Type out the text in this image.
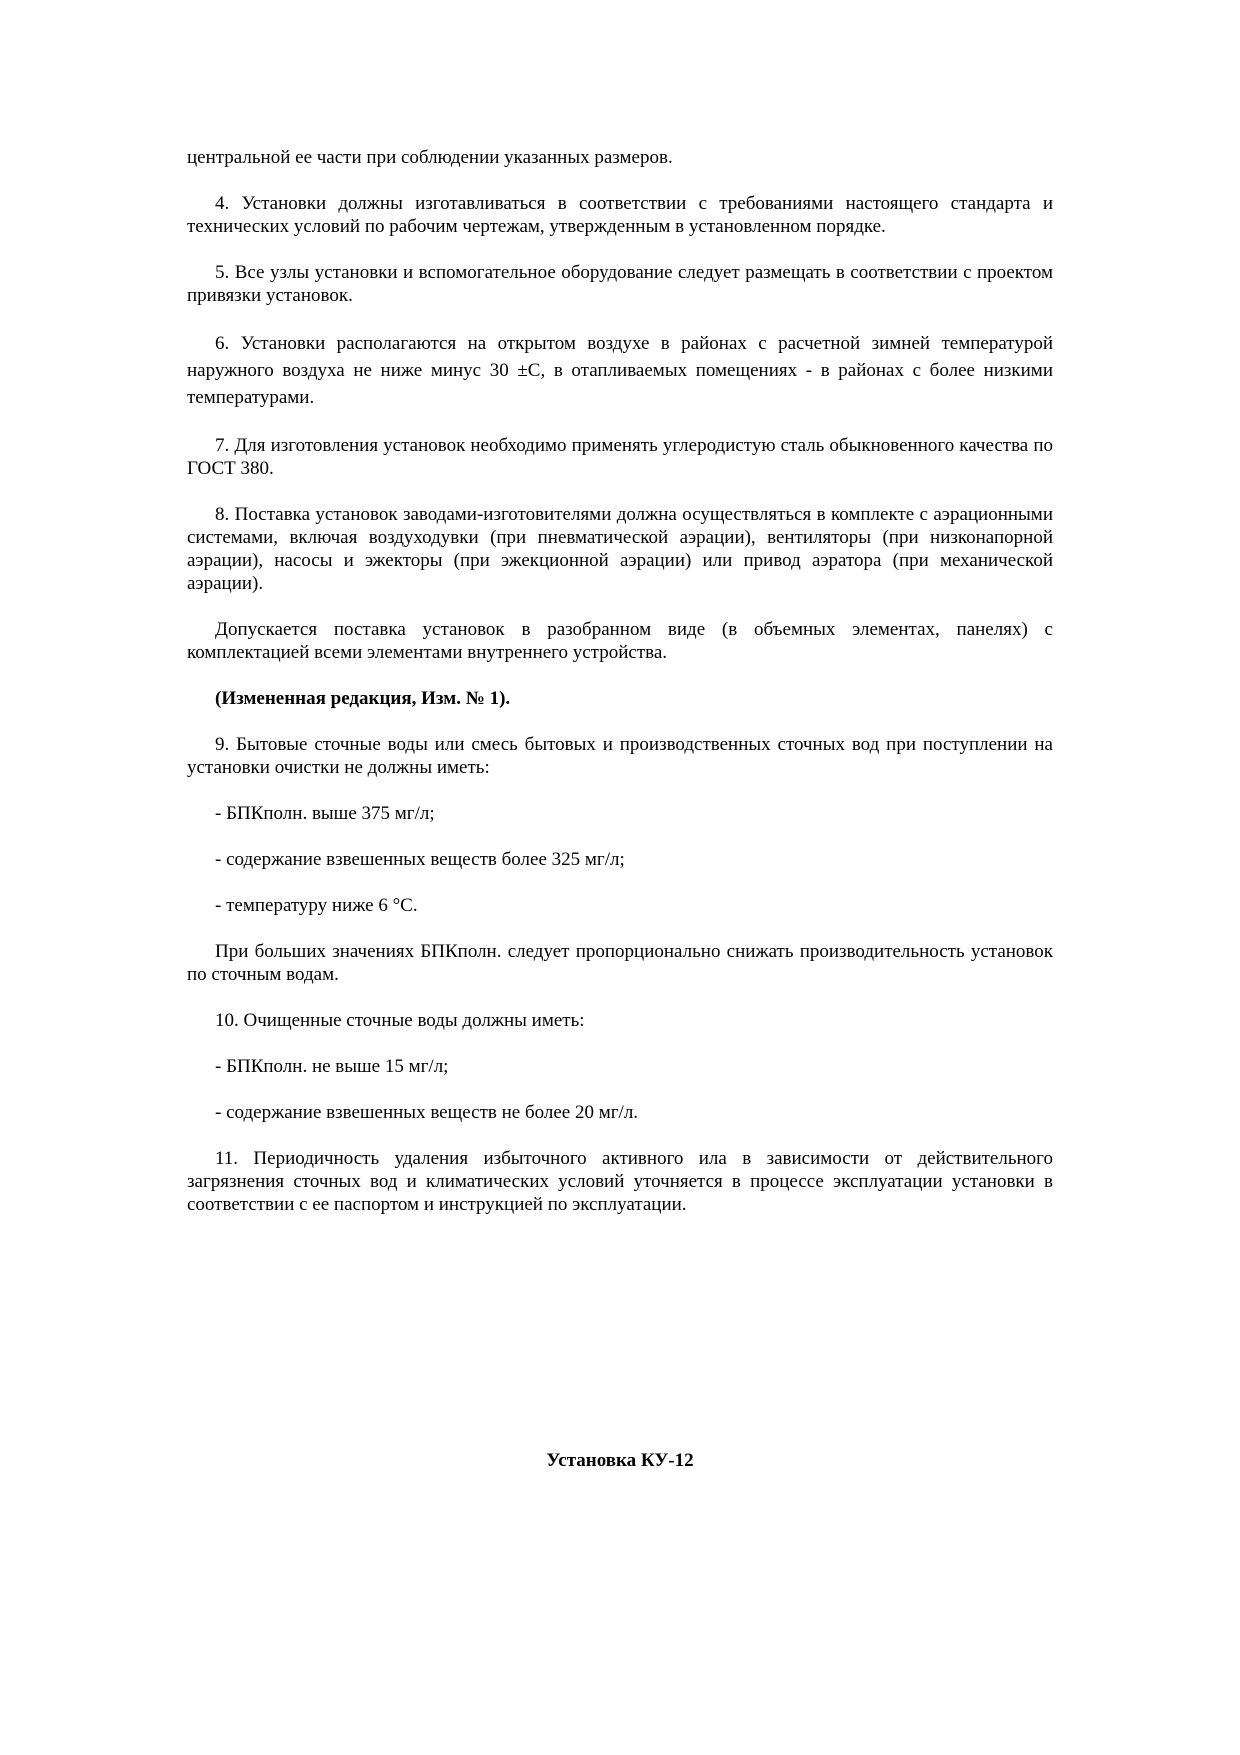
центральной ее части при соблюдении указанных размеров.

4. Установки должны изготавливаться в соответствии с требованиями настоящего стандарта и технических условий по рабочим чертежам, утвержденным в установленном порядке.

5. Все узлы установки и вспомогательное оборудование следует размещать в соответствии с проектом привязки установок.

6. Установки располагаются на открытом воздухе в районах с расчетной зимней температурой наружного воздуха не ниже минус 30 ±С, в отапливаемых помещениях - в районах с более низкими температурами.

7. Для изготовления установок необходимо применять углеродистую сталь обыкновенного качества по ГОСТ 380.

8. Поставка установок заводами-изготовителями должна осуществляться в комплекте с аэрационными системами, включая воздуходувки (при пневматической аэрации), вентиляторы (при низконапорной аэрации), насосы и эжекторы (при эжекционной аэрации) или привод аэратора (при механической аэрации).

Допускается поставка установок в разобранном виде (в объемных элементах, панелях) с комплектацией всеми элементами внутреннего устройства.

(Измененная редакция, Изм. № 1).

9. Бытовые сточные воды или смесь бытовых и производственных сточных вод при поступлении на установки очистки не должны иметь:

- БПКполн. выше 375 мг/л;

- содержание взвешенных веществ более 325 мг/л;

- температуру ниже 6 °С.

При больших значениях БПКполн. следует пропорционально снижать производительность установок по сточным водам.

10. Очищенные сточные воды должны иметь:

- БПКполн. не выше 15 мг/л;

- содержание взвешенных веществ не более 20 мг/л.

11. Периодичность удаления избыточного активного ила в зависимости от действительного загрязнения сточных вод и климатических условий уточняется в процессе эксплуатации установки в соответствии с ее паспортом и инструкцией по эксплуатации.

Установка КУ-12
